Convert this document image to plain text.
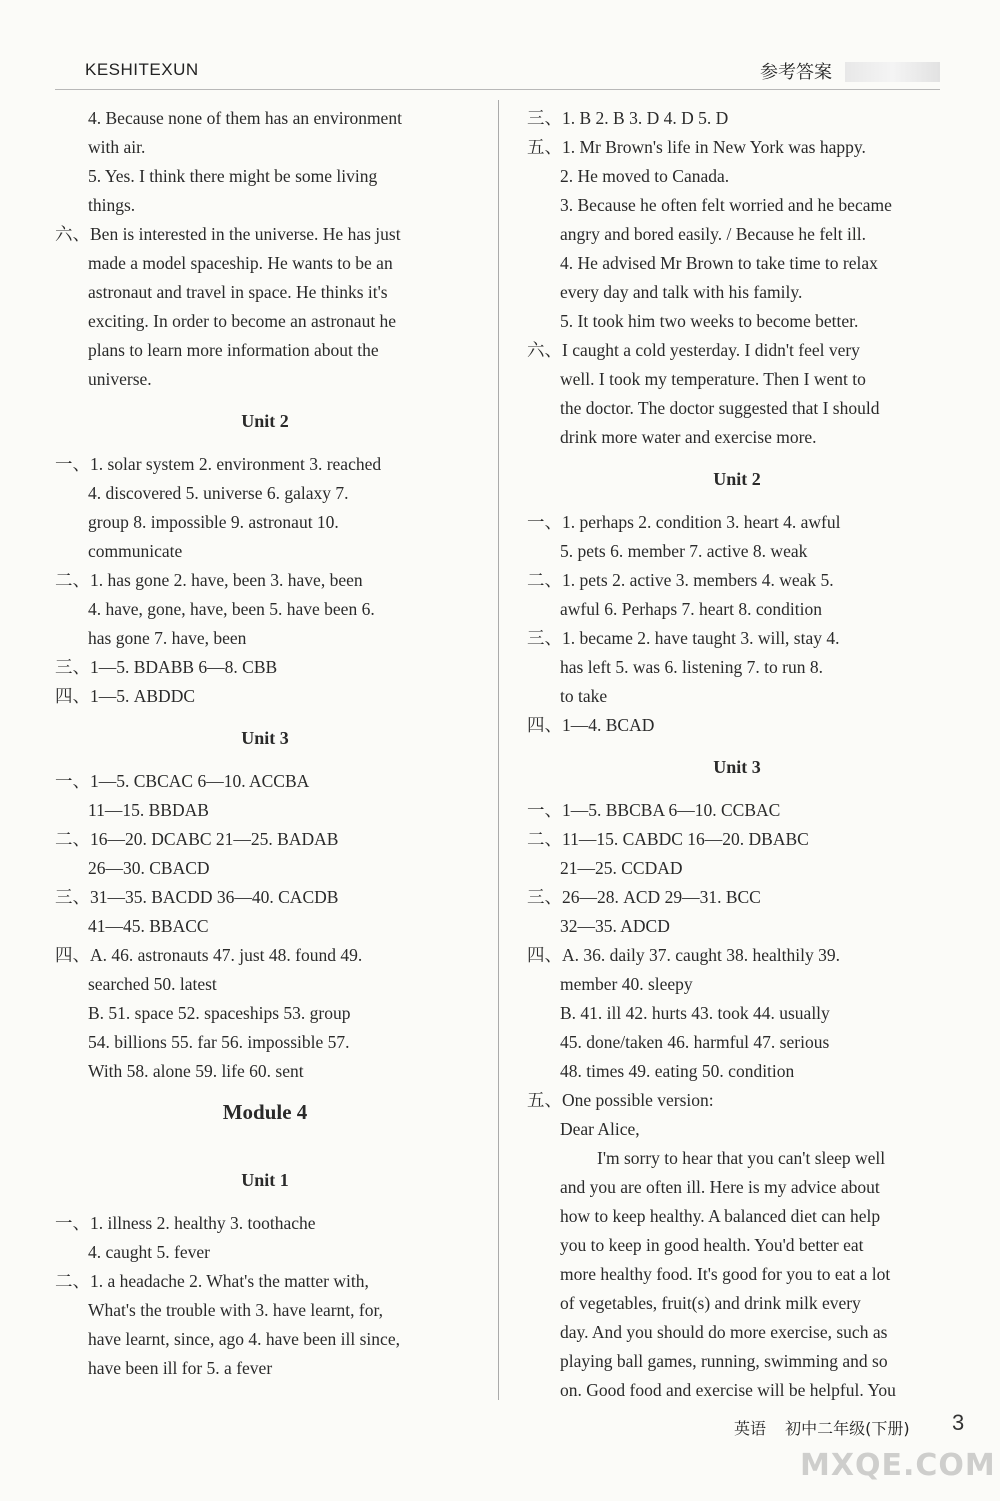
KESHITEXUN	参考答案
4. Because none of them has an environment
with air.
5. Yes. I think there might be some living
things.
六、Ben is interested in the universe. He has just
made a model spaceship. He wants to be an
astronaut and travel in space. He thinks it's
exciting. In order to become an astronaut he
plans to learn more information about the
universe.
Unit 2
一、1. solar system 2. environment 3. reached
4. discovered 5. universe 6. galaxy 7.
group 8. impossible 9. astronaut 10.
communicate
二、1. has gone 2. have, been 3. have, been
4. have, gone, have, been 5. have been 6.
has gone 7. have, been
三、1—5. BDABB 6—8. CBB
四、1—5. ABDDC
Unit 3
一、1—5. CBCAC 6—10. ACCBA
11—15. BBDAB
二、16—20. DCABC 21—25. BADAB
26—30. CBACD
三、31—35. BACDD 36—40. CACDB
41—45. BBACC
四、A. 46. astronauts 47. just 48. found 49.
searched 50. latest
B. 51. space 52. spaceships 53. group
54. billions 55. far 56. impossible 57.
With 58. alone 59. life 60. sent
Module 4
Unit 1
一、1. illness 2. healthy 3. toothache
4. caught 5. fever
二、1. a headache 2. What's the matter with,
What's the trouble with 3. have learnt, for,
have learnt, since, ago 4. have been ill since,
have been ill for 5. a fever
三、1. B 2. B 3. D 4. D 5. D
五、1. Mr Brown's life in New York was happy.
2. He moved to Canada.
3. Because he often felt worried and he became
angry and bored easily. / Because he felt ill.
4. He advised Mr Brown to take time to relax
every day and talk with his family.
5. It took him two weeks to become better.
六、I caught a cold yesterday. I didn't feel very
well. I took my temperature. Then I went to
the doctor. The doctor suggested that I should
drink more water and exercise more.
Unit 2
一、1. perhaps 2. condition 3. heart 4. awful
5. pets 6. member 7. active 8. weak
二、1. pets 2. active 3. members 4. weak 5.
awful 6. Perhaps 7. heart 8. condition
三、1. became 2. have taught 3. will, stay 4.
has left 5. was 6. listening 7. to run 8.
to take
四、1—4. BCAD
Unit 3
一、1—5. BBCBA 6—10. CCBAC
二、11—15. CABDC 16—20. DBABC
21—25. CCDAD
三、26—28. ACD 29—31. BCC
32—35. ADCD
四、A. 36. daily 37. caught 38. healthily 39.
member 40. sleepy
B. 41. ill 42. hurts 43. took 44. usually
45. done/taken 46. harmful 47. serious
48. times 49. eating 50. condition
五、One possible version:
Dear Alice,
I'm sorry to hear that you can't sleep well
and you are often ill. Here is my advice about
how to keep healthy. A balanced diet can help
you to keep in good health. You'd better eat
more healthy food. It's good for you to eat a lot
of vegetables, fruit(s) and drink milk every
day. And you should do more exercise, such as
playing ball games, running, swimming and so
on. Good food and exercise will be helpful. You
英语 初中二年级(下册)	3
MXQE.COM
